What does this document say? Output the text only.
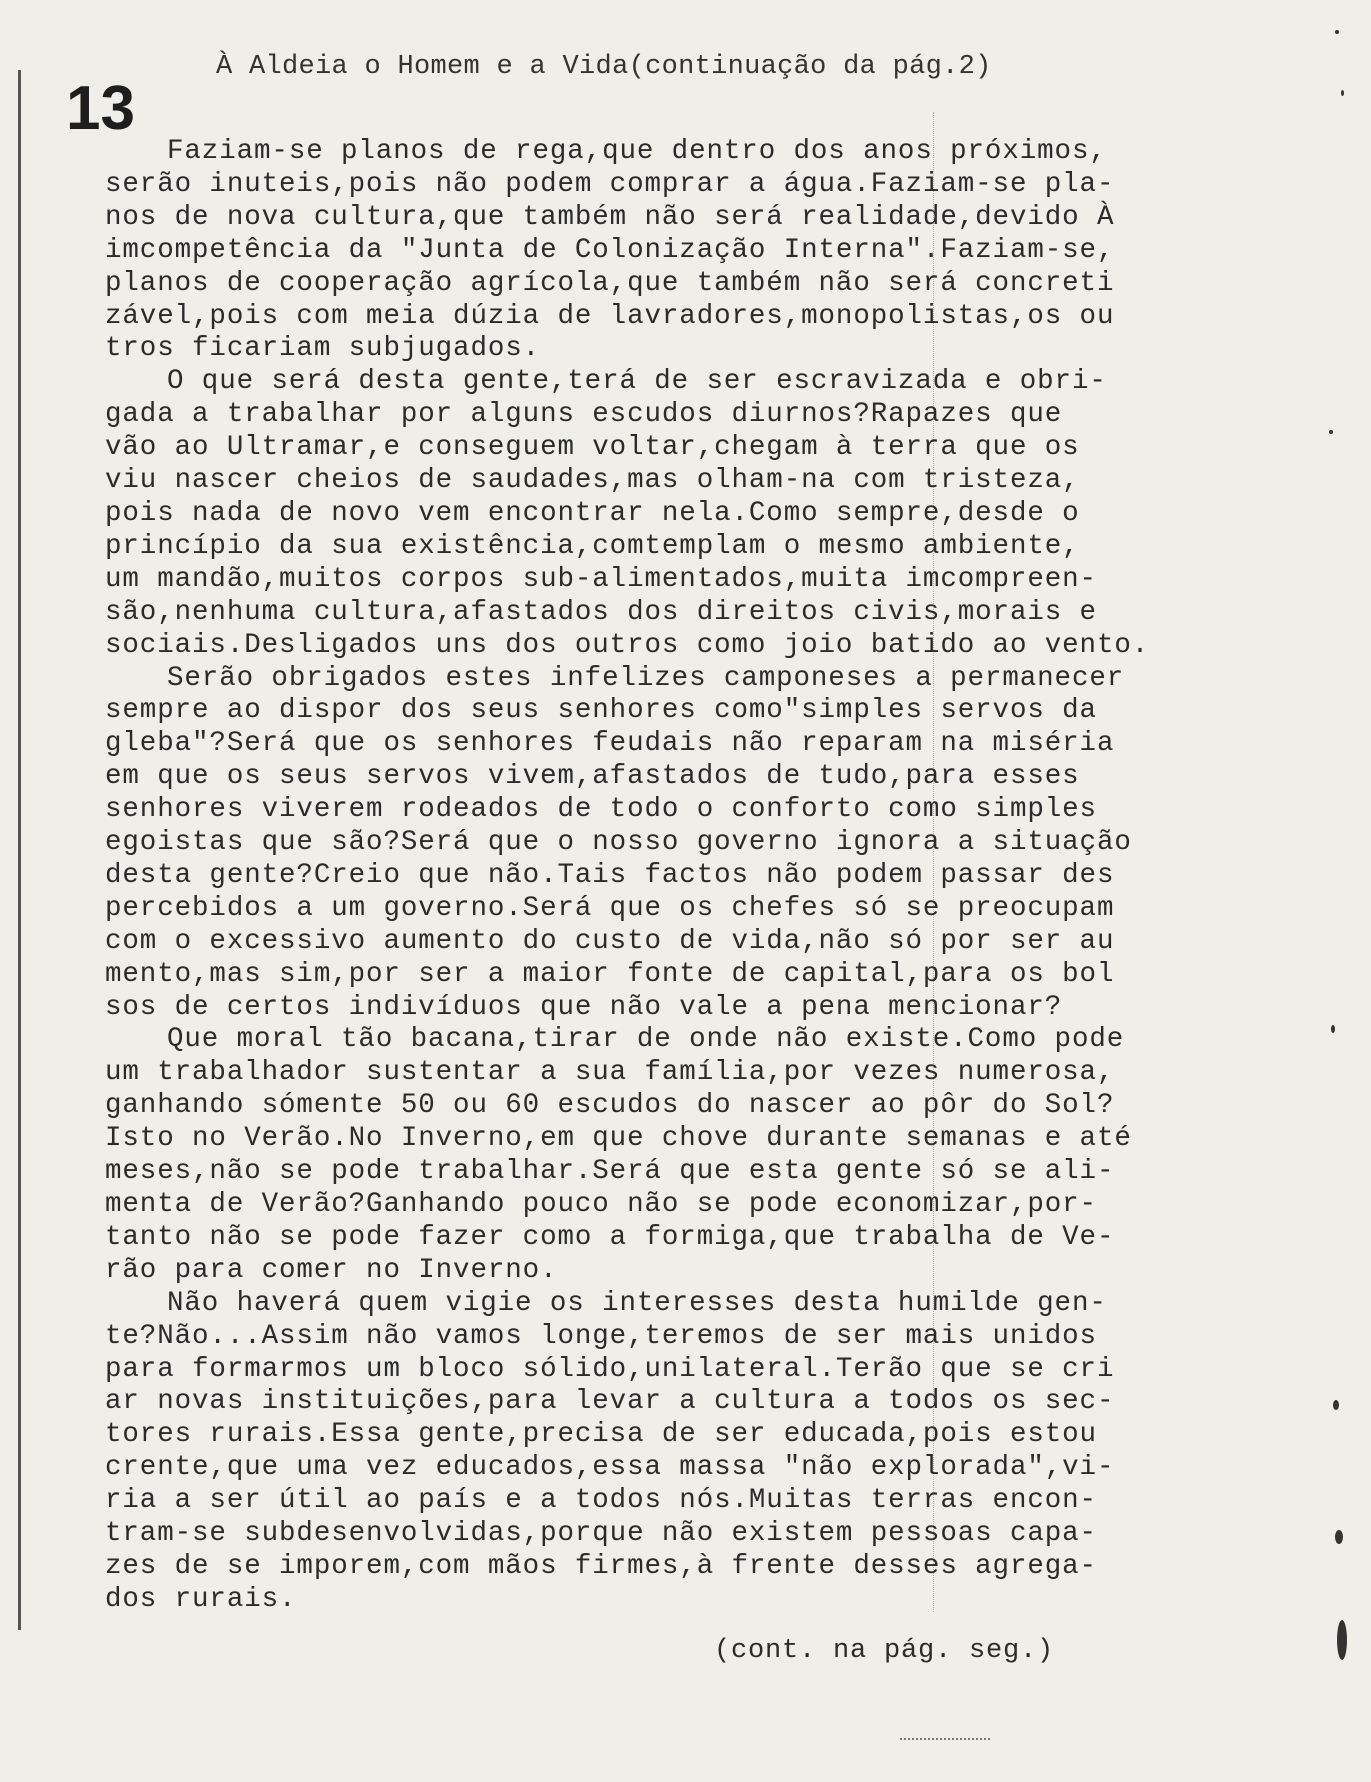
13
À Aldeia o Homem e a Vida(continuação da pág.2)
Faziam-se planos de rega,que dentro dos anos próximos,
serão inuteis,pois não podem comprar a água.Faziam-se pla-
nos de nova cultura,que também não será realidade,devido À
imcompetência da "Junta de Colonização Interna".Faziam-se,
planos de cooperação agrícola,que também não será concreti
zável,pois com meia dúzia de lavradores,monopolistas,os ou
tros ficariam subjugados.
O que será desta gente,terá de ser escravizada e obri-
gada a trabalhar por alguns escudos diurnos?Rapazes que
vão ao Ultramar,e conseguem voltar,chegam à terra que os
viu nascer cheios de saudades,mas olham-na com tristeza,
pois nada de novo vem encontrar nela.Como sempre,desde o
princípio da sua existência,comtemplam o mesmo ambiente,
um mandão,muitos corpos sub-alimentados,muita imcompreen-
são,nenhuma cultura,afastados dos direitos civis,morais e
sociais.Desligados uns dos outros como joio batido ao vento.
Serão obrigados estes infelizes camponeses a permanecer
sempre ao dispor dos seus senhores como"simples servos da
gleba"?Será que os senhores feudais não reparam na miséria
em que os seus servos vivem,afastados de tudo,para esses
senhores viverem rodeados de todo o conforto como simples
egoistas que são?Será que o nosso governo ignora a situação
desta gente?Creio que não.Tais factos não podem passar des
percebidos a um governo.Será que os chefes só se preocupam
com o excessivo aumento do custo de vida,não só por ser au
mento,mas sim,por ser a maior fonte de capital,para os bol
sos de certos indivíduos que não vale a pena mencionar?
Que moral tão bacana,tirar de onde não existe.Como pode
um trabalhador sustentar a sua família,por vezes numerosa,
ganhando sómente 50 ou 60 escudos do nascer ao pôr do Sol?
Isto no Verão.No Inverno,em que chove durante semanas e até
meses,não se pode trabalhar.Será que esta gente só se ali-
menta de Verão?Ganhando pouco não se pode economizar,por-
tanto não se pode fazer como a formiga,que trabalha de Ve-
rão para comer no Inverno.
Não haverá quem vigie os interesses desta humilde gen-
te?Não...Assim não vamos longe,teremos de ser mais unidos
para formarmos um bloco sólido,unilateral.Terão que se cri
ar novas instituições,para levar a cultura a todos os sec-
tores rurais.Essa gente,precisa de ser educada,pois estou
crente,que uma vez educados,essa massa "não explorada",vi-
ria a ser útil ao país e a todos nós.Muitas terras encon-
tram-se subdesenvolvidas,porque não existem pessoas capa-
zes de se imporem,com mãos firmes,à frente desses agrega-
dos rurais.
(cont. na pág. seg.)
